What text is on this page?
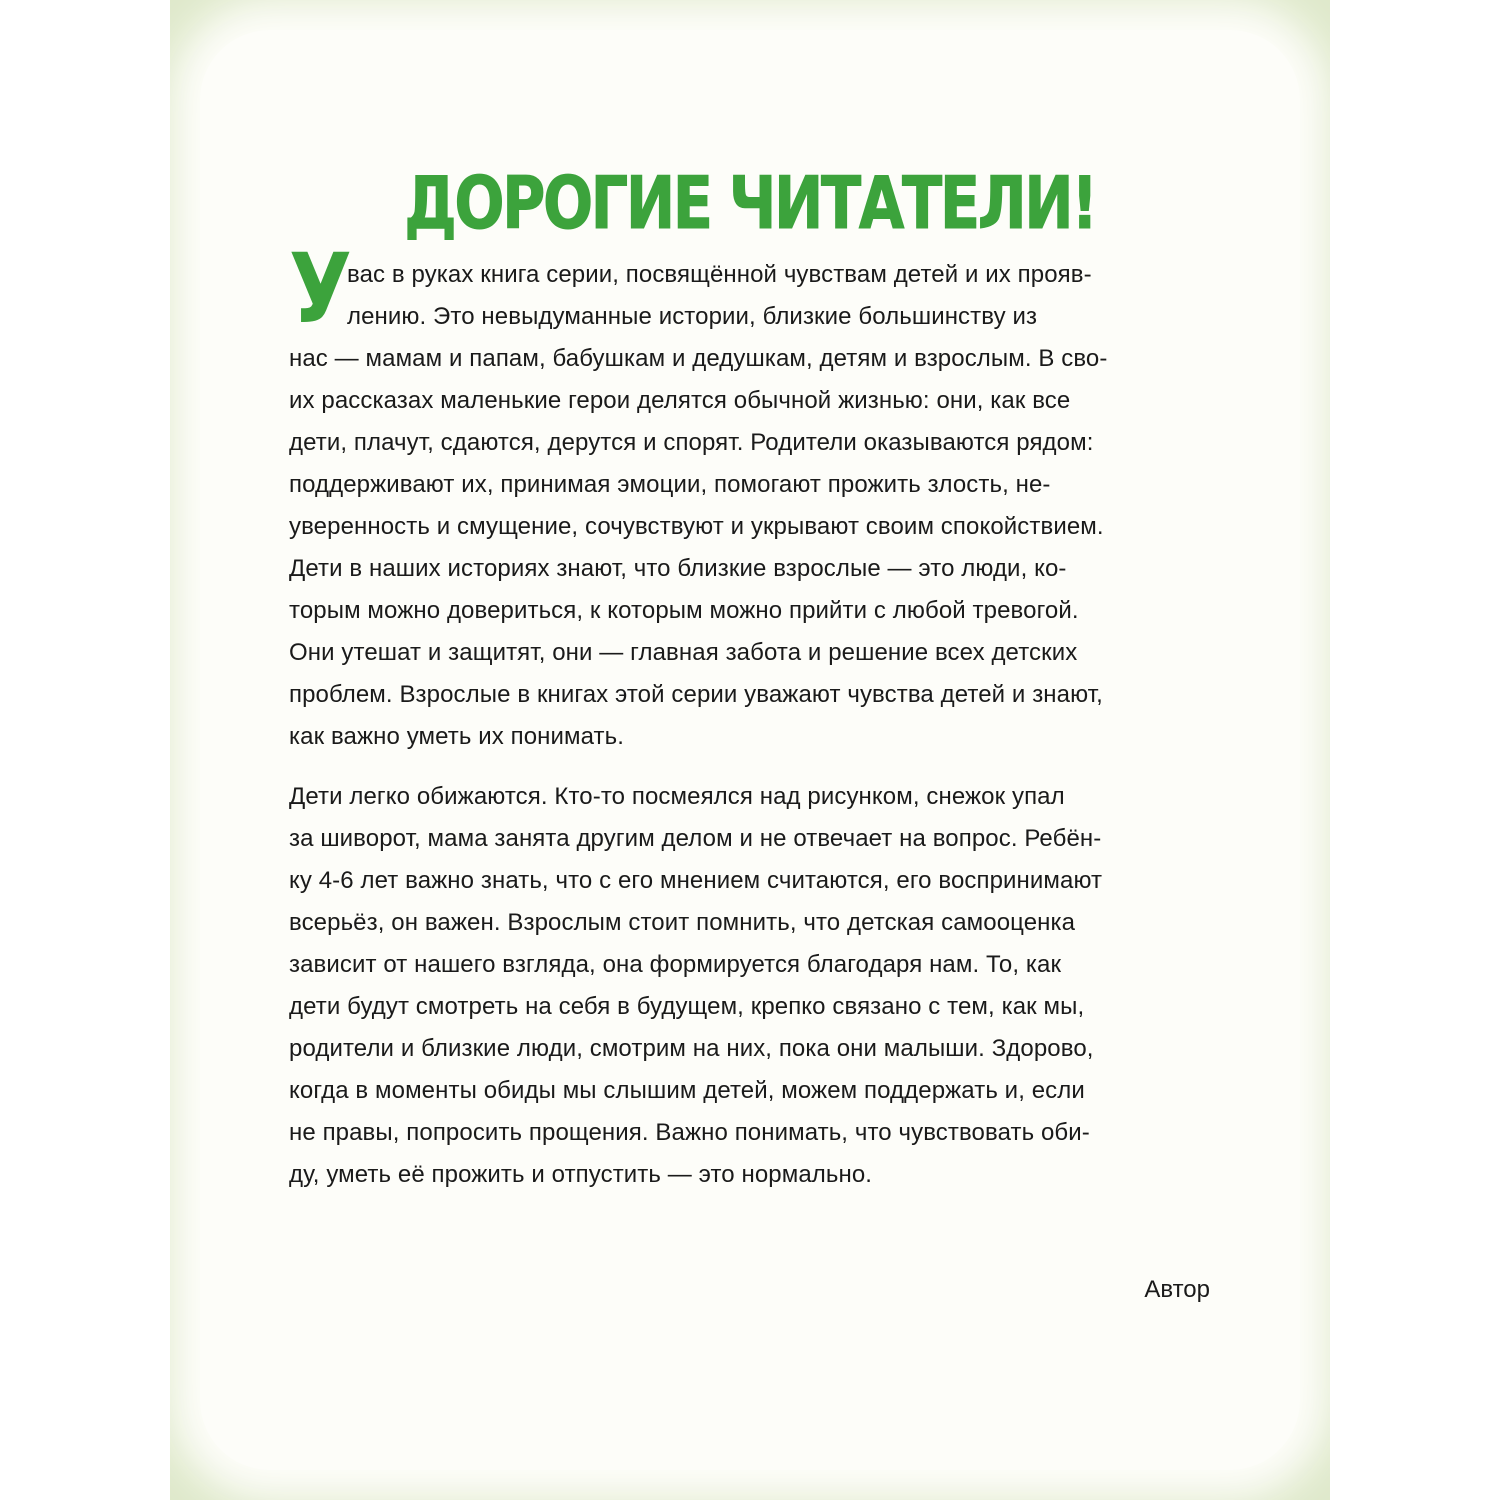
ДОРОГИЕ ЧИТАТЕЛИ!
У

вас в руках книга серии, посвящённой чувствам детей и их прояв-
лению. Это невыдуманные истории, близкие большинству из
нас — мамам и папам, бабушкам и дедушкам, детям и взрослым. В сво-
их рассказах маленькие герои делятся обычной жизнью: они, как все
дети, плачут, сдаются, дерутся и спорят. Родители оказываются рядом:
поддерживают их, принимая эмоции, помогают прожить злость, не-
уверенность и смущение, сочувствуют и укрывают своим спокойствием.
Дети в наших историях знают, что близкие взрослые — это люди, ко-
торым можно довериться, к которым можно прийти с любой тревогой.
Они утешат и защитят, они — главная забота и решение всех детских
проблем. Взрослые в книгах этой серии уважают чувства детей и знают,
как важно уметь их понимать.

Дети легко обижаются. Кто-то посмеялся над рисунком, снежок упал
за шиворот, мама занята другим делом и не отвечает на вопрос. Ребён-
ку 4-6 лет важно знать, что с его мнением считаются, его воспринимают
всерьёз, он важен. Взрослым стоит помнить, что детская самооценка
зависит от нашего взгляда, она формируется благодаря нам. То, как
дети будут смотреть на себя в будущем, крепко связано с тем, как мы,
родители и близкие люди, смотрим на них, пока они малыши. Здорово,
когда в моменты обиды мы слышим детей, можем поддержать и, если
не правы, попросить прощения. Важно понимать, что чувствовать оби-
ду, уметь её прожить и отпустить — это нормально.

Автор
